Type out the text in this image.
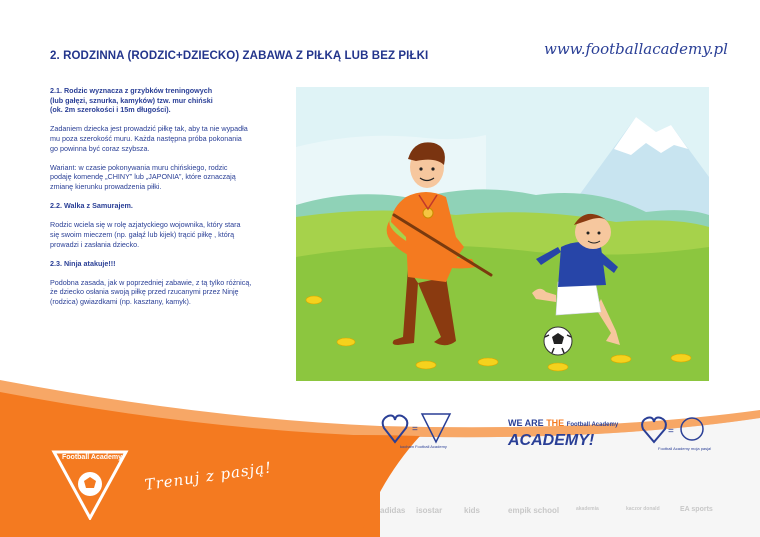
2. RODZINNA (RODZIC+DZIECKO) ZABAWA Z PIŁKĄ LUB BEZ PIŁKI	www.footballacademy.pl

2.1. Rodzic wyznacza z grzybków treningowych
(lub gałęzi, sznurka, kamyków) tzw. mur chiński
(ok. 2m szerokości i 15m długości).

Zadaniem dziecka jest prowadzić piłkę tak, aby ta nie wypadła
mu poza szerokość muru. Każda następna próba pokonania
go powinna być coraz szybsza.

Wariant: w czasie pokonywania muru chińskiego, rodzic
podaję komendę „CHINY” lub „JAPONIA”, które oznaczają
zmianę kierunku prowadzenia piłki.

2.2. Walka z Samurajem.

Rodzic wciela się w rolę azjatyckiego wojownika, który stara
się swoim mieczem (np. gałąź lub kijek) trącić piłkę , którą
prowadzi i zasłania dziecko.

2.3. Ninja atakuje!!!

Podobna zasada, jak w poprzedniej zabawie, z tą tylko różnicą,
że dziecko osłania swoją piłkę przed rzucanymi przez Ninję
(rodzica) gwiazdkami (np. kasztany, kamyk).

Football Academy
Trenuj z pasją!
=
kocham Football Academy
WE ARE THE Football Academy
ACADEMY!
=
Football Academy moja pasja!
adidas isostar	kids	empik school	akademia	kaczor donald	EA sports
